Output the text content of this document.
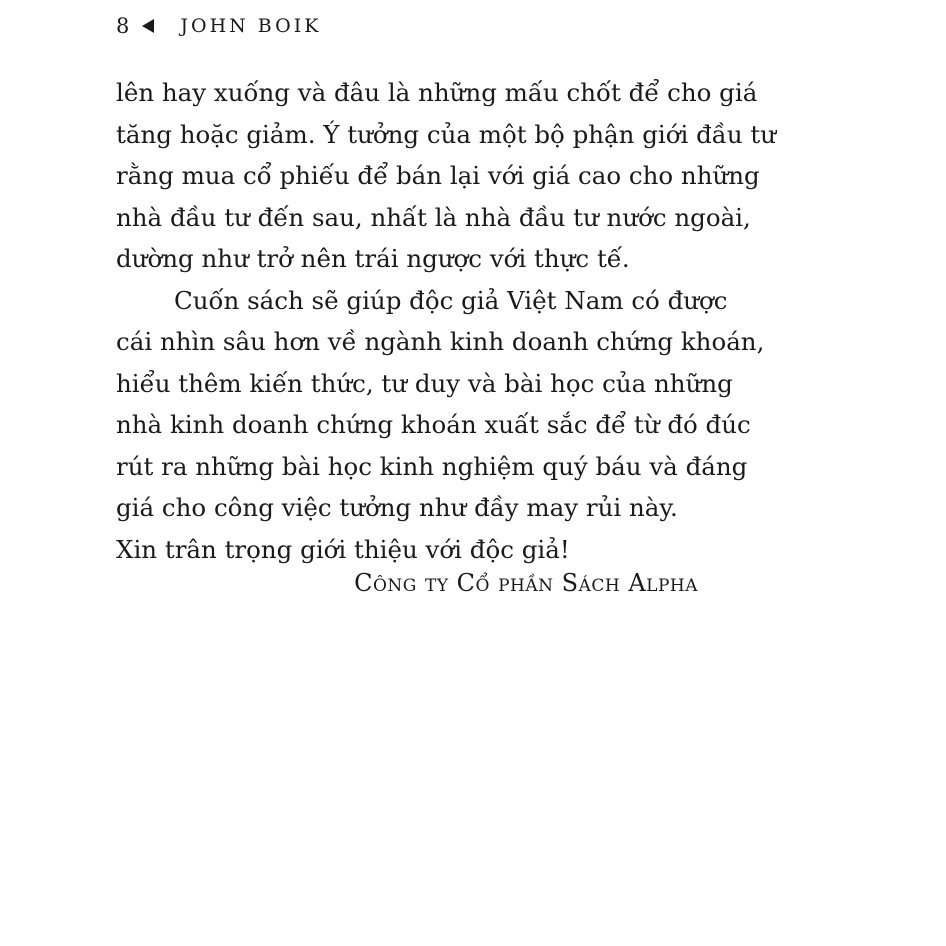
8	JOHN BOIK
lên hay xuống và đâu là những mấu chốt để cho giá
tăng hoặc giảm. Ý tưởng của một bộ phận giới đầu tư
rằng mua cổ phiếu để bán lại với giá cao cho những
nhà đầu tư đến sau, nhất là nhà đầu tư nước ngoài,
dường như trở nên trái ngược với thực tế.
Cuốn sách sẽ giúp độc giả Việt Nam có được
cái nhìn sâu hơn về ngành kinh doanh chứng khoán,
hiểu thêm kiến thức, tư duy và bài học của những
nhà kinh doanh chứng khoán xuất sắc để từ đó đúc
rút ra những bài học kinh nghiệm quý báu và đáng
giá cho công việc tưởng như đầy may rủi này.
Xin trân trọng giới thiệu với độc giả!
Công ty Cổ phần Sách Alpha
